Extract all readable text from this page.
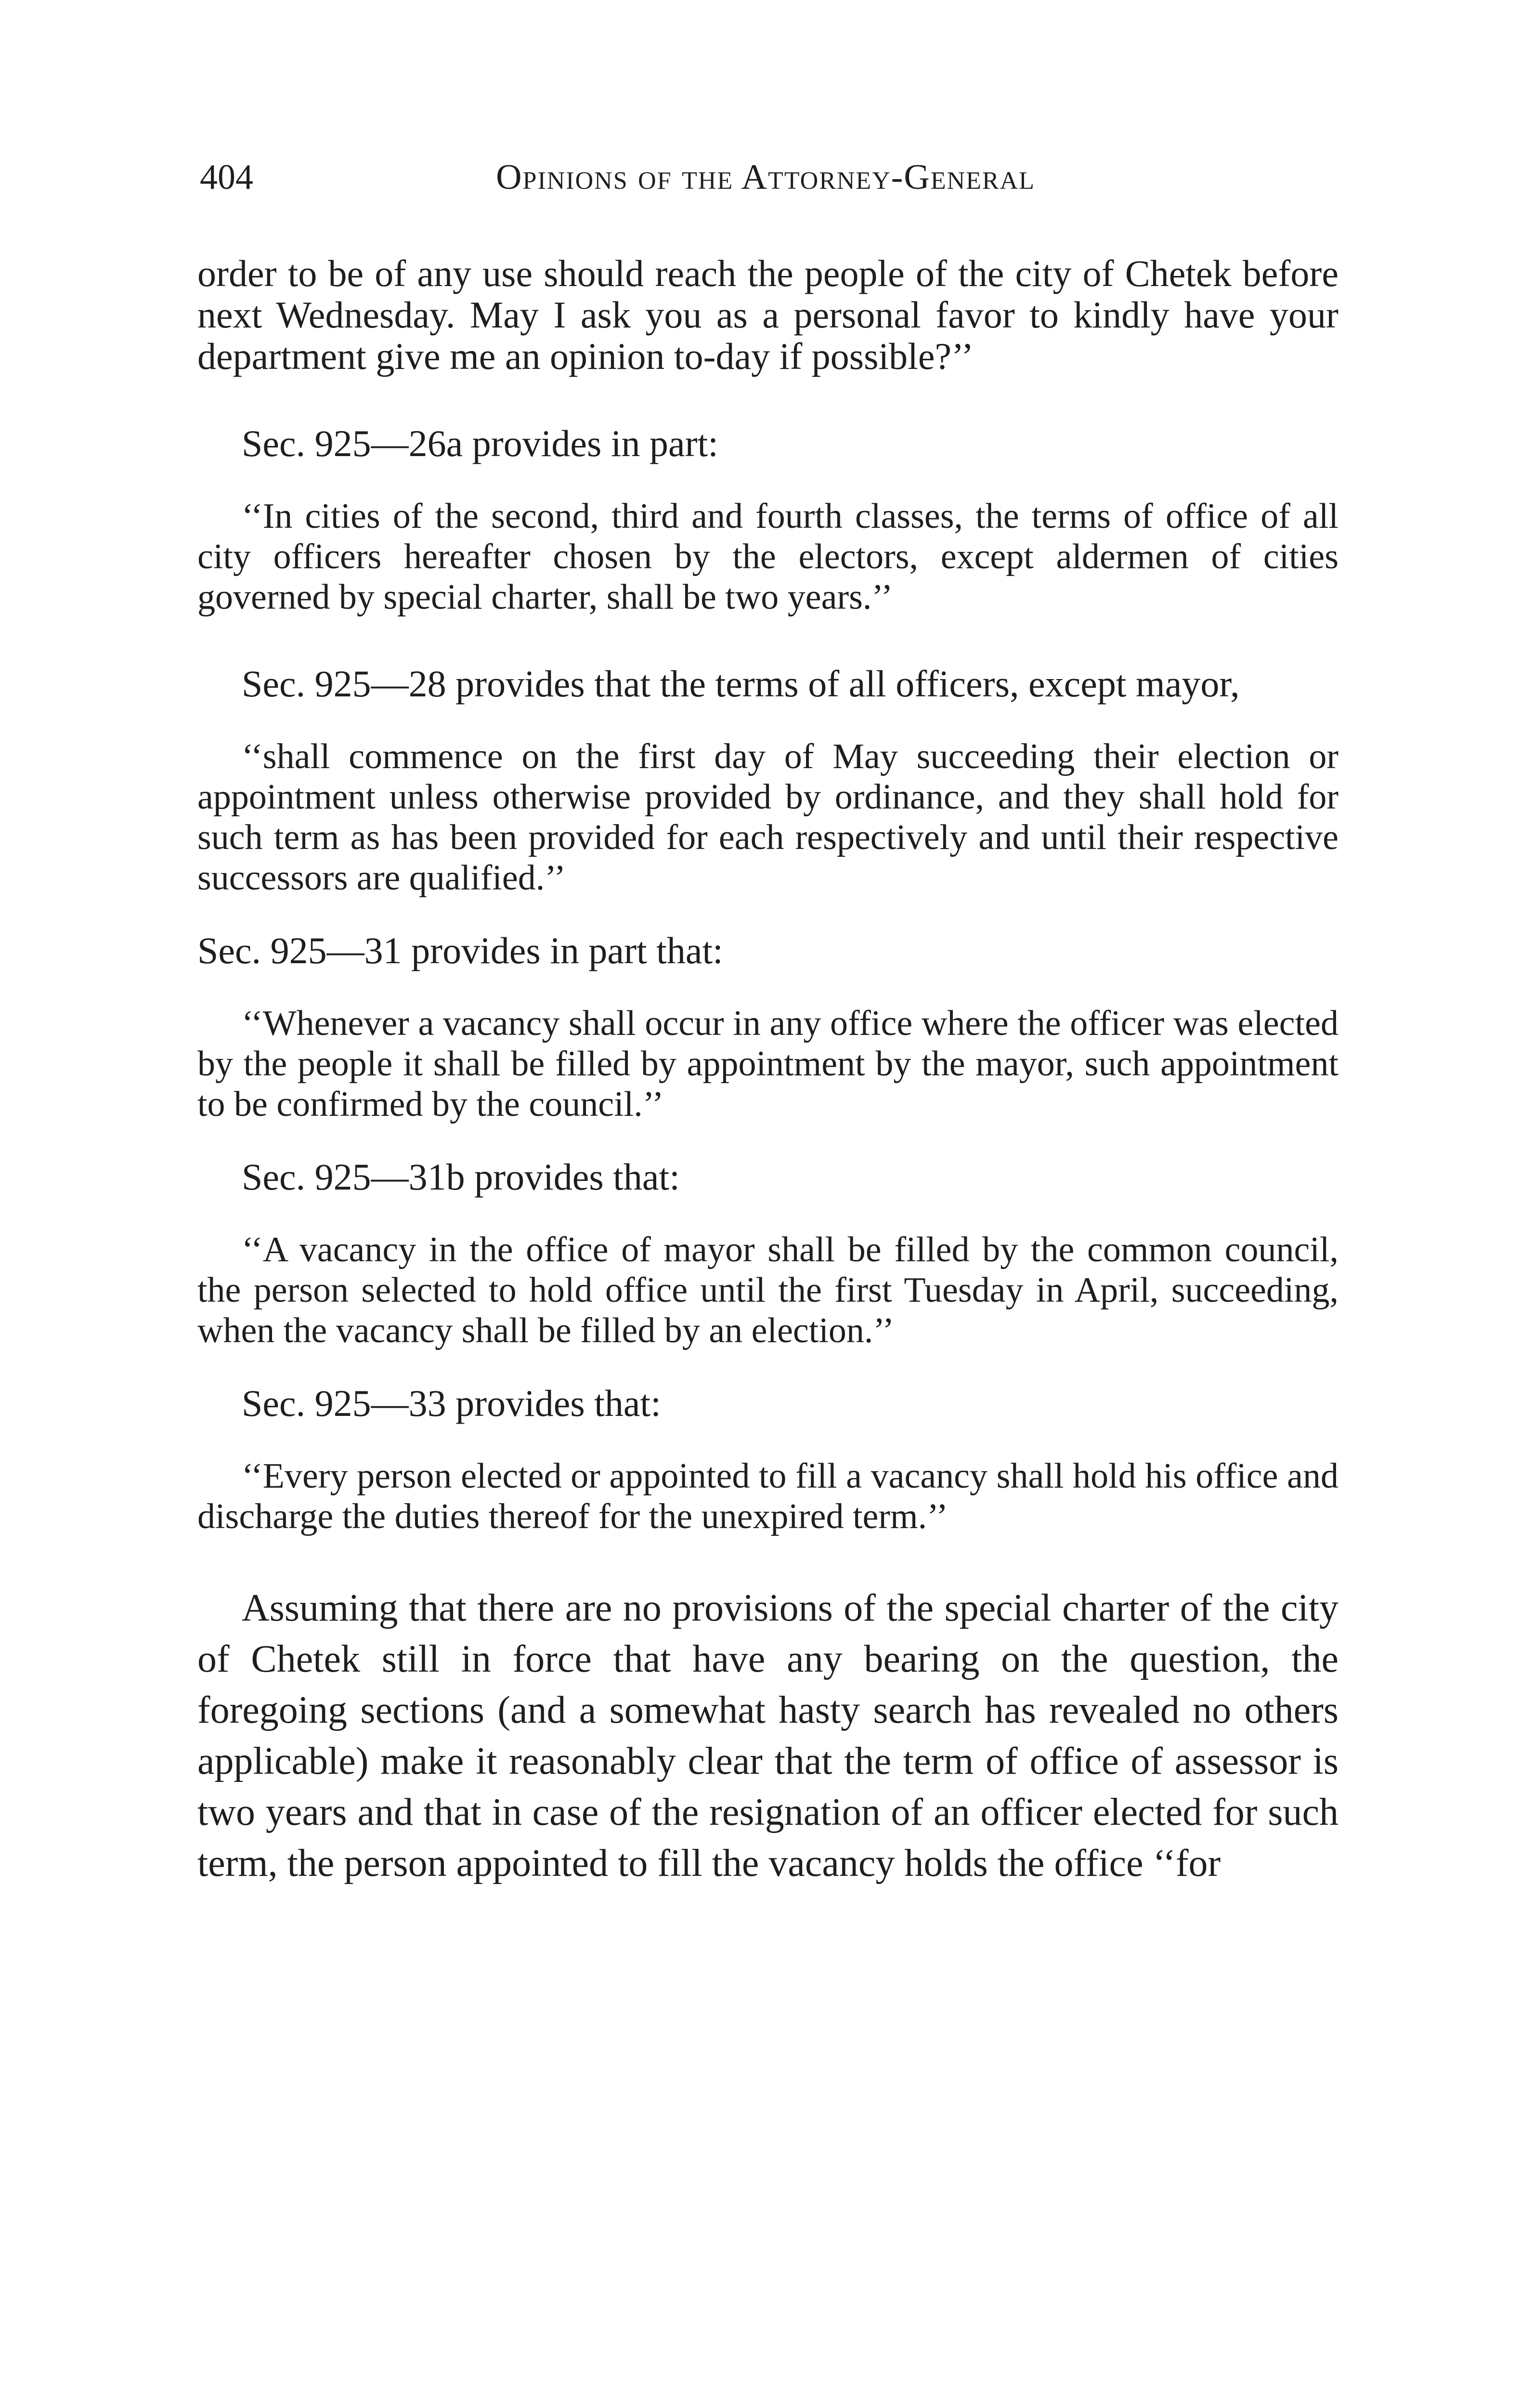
404	Opinions of the Attorney-General

order to be of any use should reach the people of the city of Chetek before next Wednesday. May I ask you as a personal favor to kindly have your department give me an opinion to-day if possible?’’

Sec. 925—26a provides in part:

‘‘In cities of the second, third and fourth classes, the terms of office of all city officers hereafter chosen by the electors, except aldermen of cities governed by special charter, shall be two years.’’

Sec. 925—28 provides that the terms of all officers, except mayor,

‘‘shall commence on the first day of May succeeding their election or appointment unless otherwise provided by ordinance, and they shall hold for such term as has been provided for each respectively and until their respective successors are qualified.’’

Sec. 925—31 provides in part that:

‘‘Whenever a vacancy shall occur in any office where the officer was elected by the people it shall be filled by appointment by the mayor, such appointment to be confirmed by the council.’’

Sec. 925—31b provides that:

‘‘A vacancy in the office of mayor shall be filled by the common council, the person selected to hold office until the first Tuesday in April, succeeding, when the vacancy shall be filled by an election.’’

Sec. 925—33 provides that:

‘‘Every person elected or appointed to fill a vacancy shall hold his office and discharge the duties thereof for the unexpired term.’’

Assuming that there are no provisions of the special charter of the city of Chetek still in force that have any bearing on the question, the foregoing sections (and a somewhat hasty search has revealed no others applicable) make it reasonably clear that the term of office of assessor is two years and that in case of the resignation of an officer elected for such term, the person appointed to fill the vacancy holds the office ‘‘for
